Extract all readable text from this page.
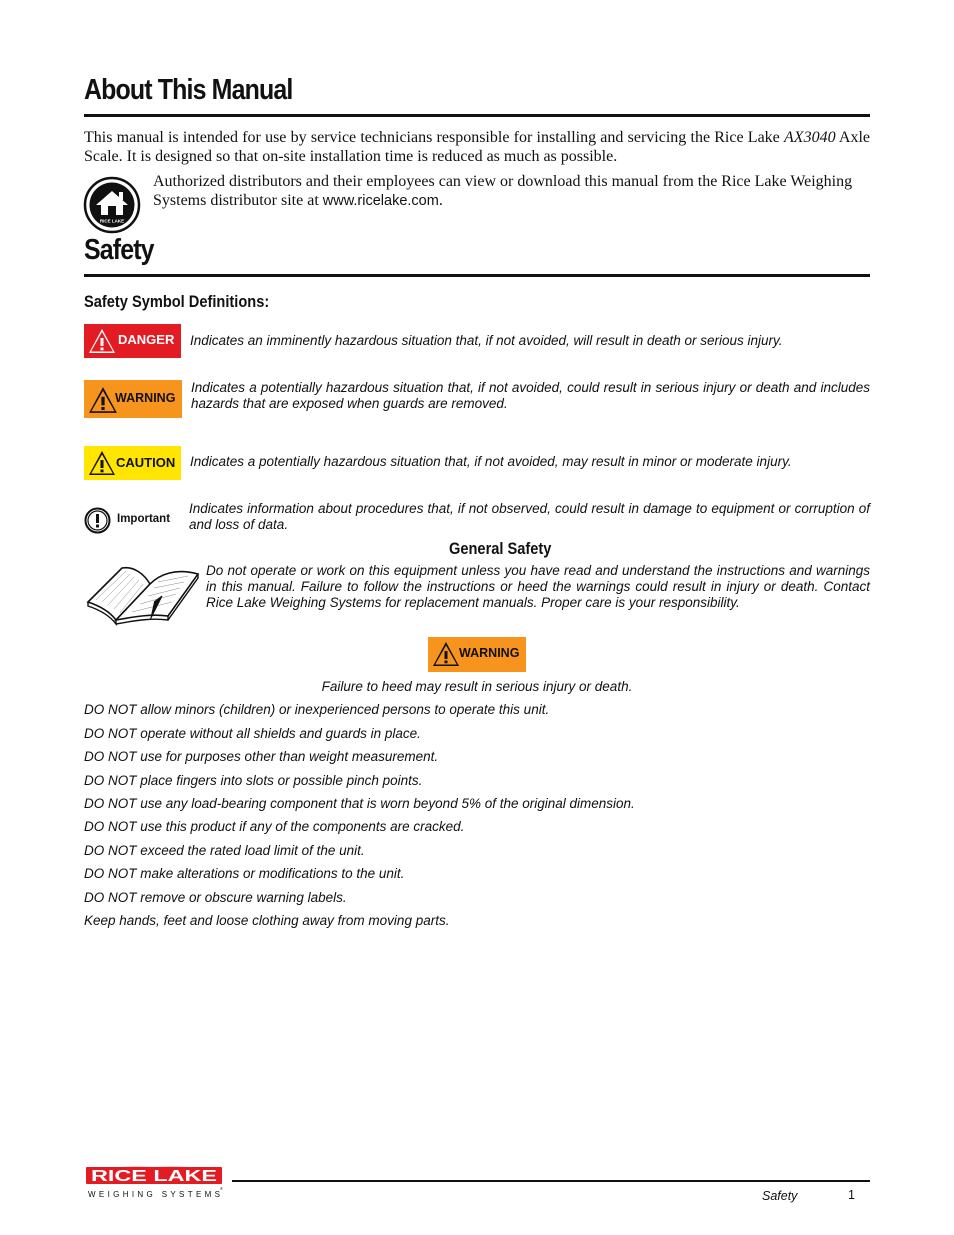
About This Manual
This manual is intended for use by service technicians responsible for installing and servicing the Rice Lake AX3040 Axle Scale. It is designed so that on-site installation time is reduced as much as possible.
RICE LAKE
Authorized distributors and their employees can view or download this manual from the Rice Lake Weighing Systems distributor site at www.ricelake.com.
Safety
Safety Symbol Definitions:
DANGER Indicates an imminently hazardous situation that, if not avoided, will result in death or serious injury.
WARNING
Indicates a potentially hazardous situation that, if not avoided, could result in serious injury or death and includes hazards that are exposed when guards are removed.
CAUTION Indicates a potentially hazardous situation that, if not avoided, may result in minor or moderate injury.
Important
Indicates information about procedures that, if not observed, could result in damage to equipment or corruption of and loss of data.
General Safety
Do not operate or work on this equipment unless you have read and understand the instructions and warnings in this manual. Failure to follow the instructions or heed the warnings could result in injury or death. Contact Rice Lake Weighing Systems for replacement manuals. Proper care is your responsibility.
WARNING
Failure to heed may result in serious injury or death.
DO NOT allow minors (children) or inexperienced persons to operate this unit.
DO NOT operate without all shields and guards in place.
DO NOT use for purposes other than weight measurement.
DO NOT place fingers into slots or possible pinch points.
DO NOT use any load-bearing component that is worn beyond 5% of the original dimension.
DO NOT use this product if any of the components are cracked.
DO NOT exceed the rated load limit of the unit.
DO NOT make alterations or modifications to the unit.
DO NOT remove or obscure warning labels.
Keep hands, feet and loose clothing away from moving parts.
RICE LAKE
®
WEIGHING SYSTEMS	Safety	1
